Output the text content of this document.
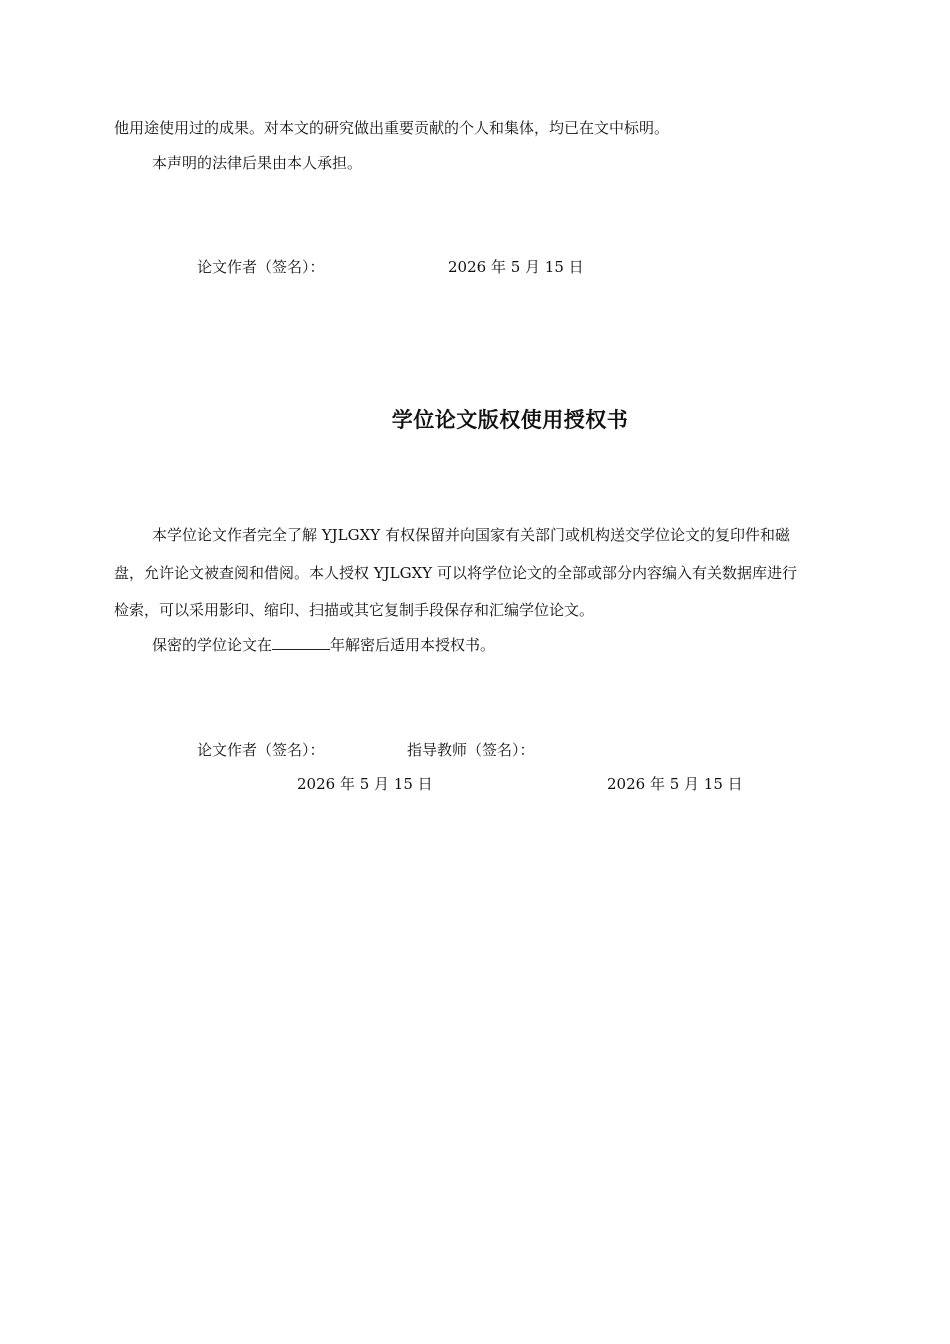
他用途使用过的成果。对本文的研究做出重要贡献的个人和集体，均已在文中标明。
本声明的法律后果由本人承担。
论文作者（签名）：	2026 年 5 月 15 日
学位论文版权使用授权书
本学位论文作者完全了解 YJLGXY 有权保留并向国家有关部门或机构送交学位论文的复印件和磁
盘，允许论文被查阅和借阅。本人授权 YJLGXY 可以将学位论文的全部或部分内容编入有关数据库进行
检索，可以采用影印、缩印、扫描或其它复制手段保存和汇编学位论文。
保密的学位论文在	年解密后适用本授权书。
论文作者（签名）：	指导教师（签名）：
2026 年 5 月 15 日	2026 年 5 月 15 日
